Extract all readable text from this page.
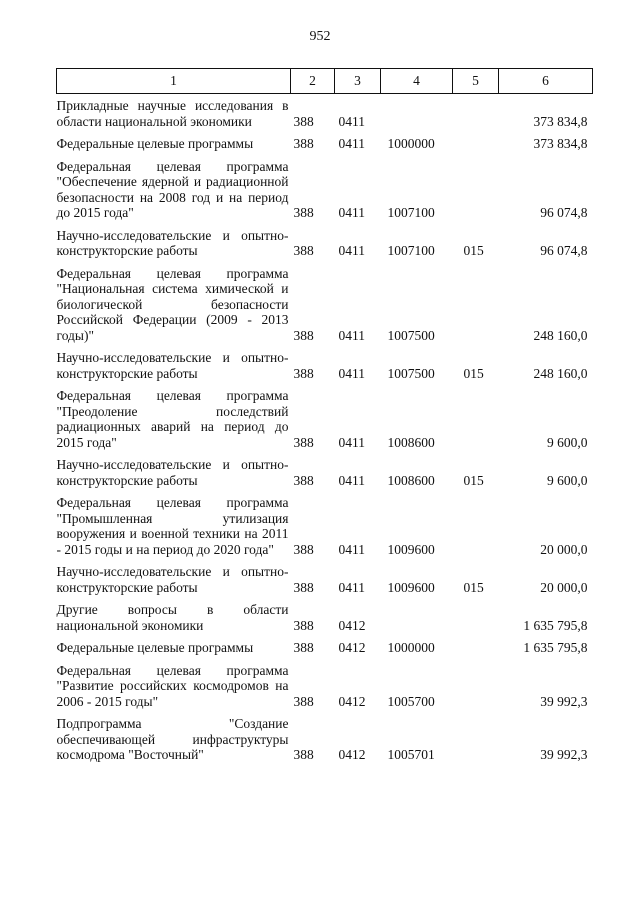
952
1	2	3	4	5	6
Прикладные научные исследования в области национальной экономики	388	0411			373 834,8
Федеральные целевые программы	388	0411	1000000		373 834,8
Федеральная целевая программа "Обеспечение ядерной и радиационной безопасности на 2008 год и на период до 2015 года"	388	0411	1007100		96 074,8
Научно-исследовательские и опытно-конструкторские работы	388	0411	1007100	015	96 074,8
Федеральная целевая программа "Национальная система химической и биологической безопасности Российской Федерации (2009 - 2013 годы)"	388	0411	1007500		248 160,0
Научно-исследовательские и опытно-конструкторские работы	388	0411	1007500	015	248 160,0
Федеральная целевая программа "Преодоление последствий радиационных аварий на период до 2015 года"	388	0411	1008600		9 600,0
Научно-исследовательские и опытно-конструкторские работы	388	0411	1008600	015	9 600,0
Федеральная целевая программа "Промышленная утилизация вооружения и военной техники на 2011 - 2015 годы и на период до 2020 года"	388	0411	1009600		20 000,0
Научно-исследовательские и опытно-конструкторские работы	388	0411	1009600	015	20 000,0
Другие вопросы в области национальной экономики	388	0412			1 635 795,8
Федеральные целевые программы	388	0412	1000000		1 635 795,8
Федеральная целевая программа "Развитие российских космодромов на 2006 - 2015 годы"	388	0412	1005700		39 992,3
Подпрограмма "Создание обеспечивающей инфраструктуры космодрома "Восточный"	388	0412	1005701		39 992,3
